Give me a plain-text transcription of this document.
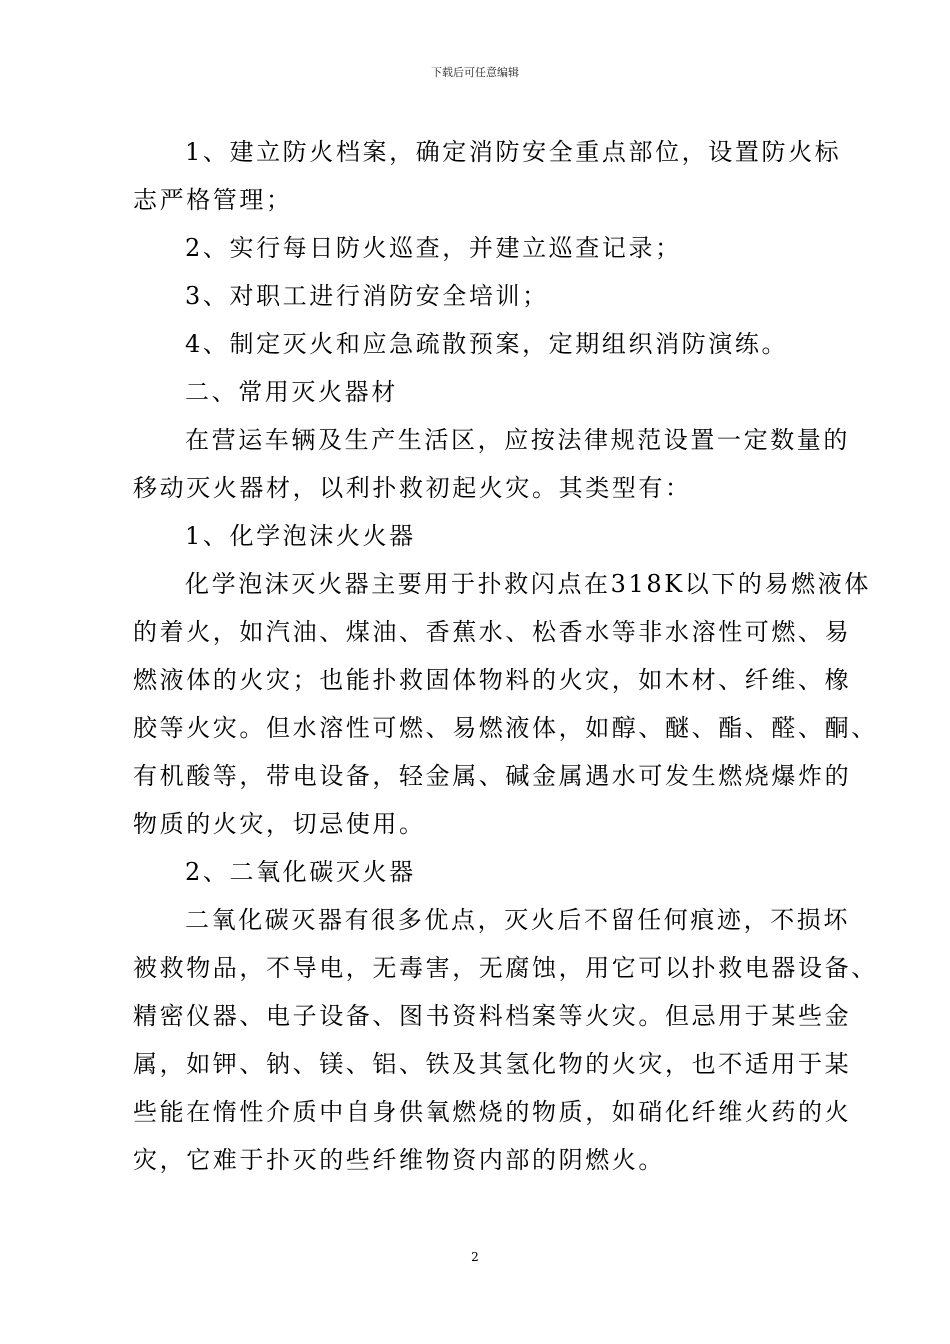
下载后可任意编辑

1、建立防火档案，确定消防安全重点部位，设置防火标
志严格管理；

2、实行每日防火巡查，并建立巡查记录；

3、对职工进行消防安全培训；

4、制定灭火和应急疏散预案，定期组织消防演练。

二、常用灭火器材

在营运车辆及生产生活区，应按法律规范设置一定数量的
移动灭火器材，以利扑救初起火灾。其类型有：

1、化学泡沫火火器

化学泡沫灭火器主要用于扑救闪点在318K以下的易燃液体
的着火，如汽油、煤油、香蕉水、松香水等非水溶性可燃、易
燃液体的火灾；也能扑救固体物料的火灾，如木材、纤维、橡
胶等火灾。但水溶性可燃、易燃液体，如醇、醚、酯、醛、酮、
有机酸等，带电设备，轻金属、碱金属遇水可发生燃烧爆炸的
物质的火灾，切忌使用。

2、二氧化碳灭火器

二氧化碳灭器有很多优点，灭火后不留任何痕迹，不损坏
被救物品，不导电，无毒害，无腐蚀，用它可以扑救电器设备、
精密仪器、电子设备、图书资料档案等火灾。但忌用于某些金
属，如钾、钠、镁、铝、铁及其氢化物的火灾，也不适用于某
些能在惰性介质中自身供氧燃烧的物质，如硝化纤维火药的火
灾，它难于扑灭的些纤维物资内部的阴燃火。

2
